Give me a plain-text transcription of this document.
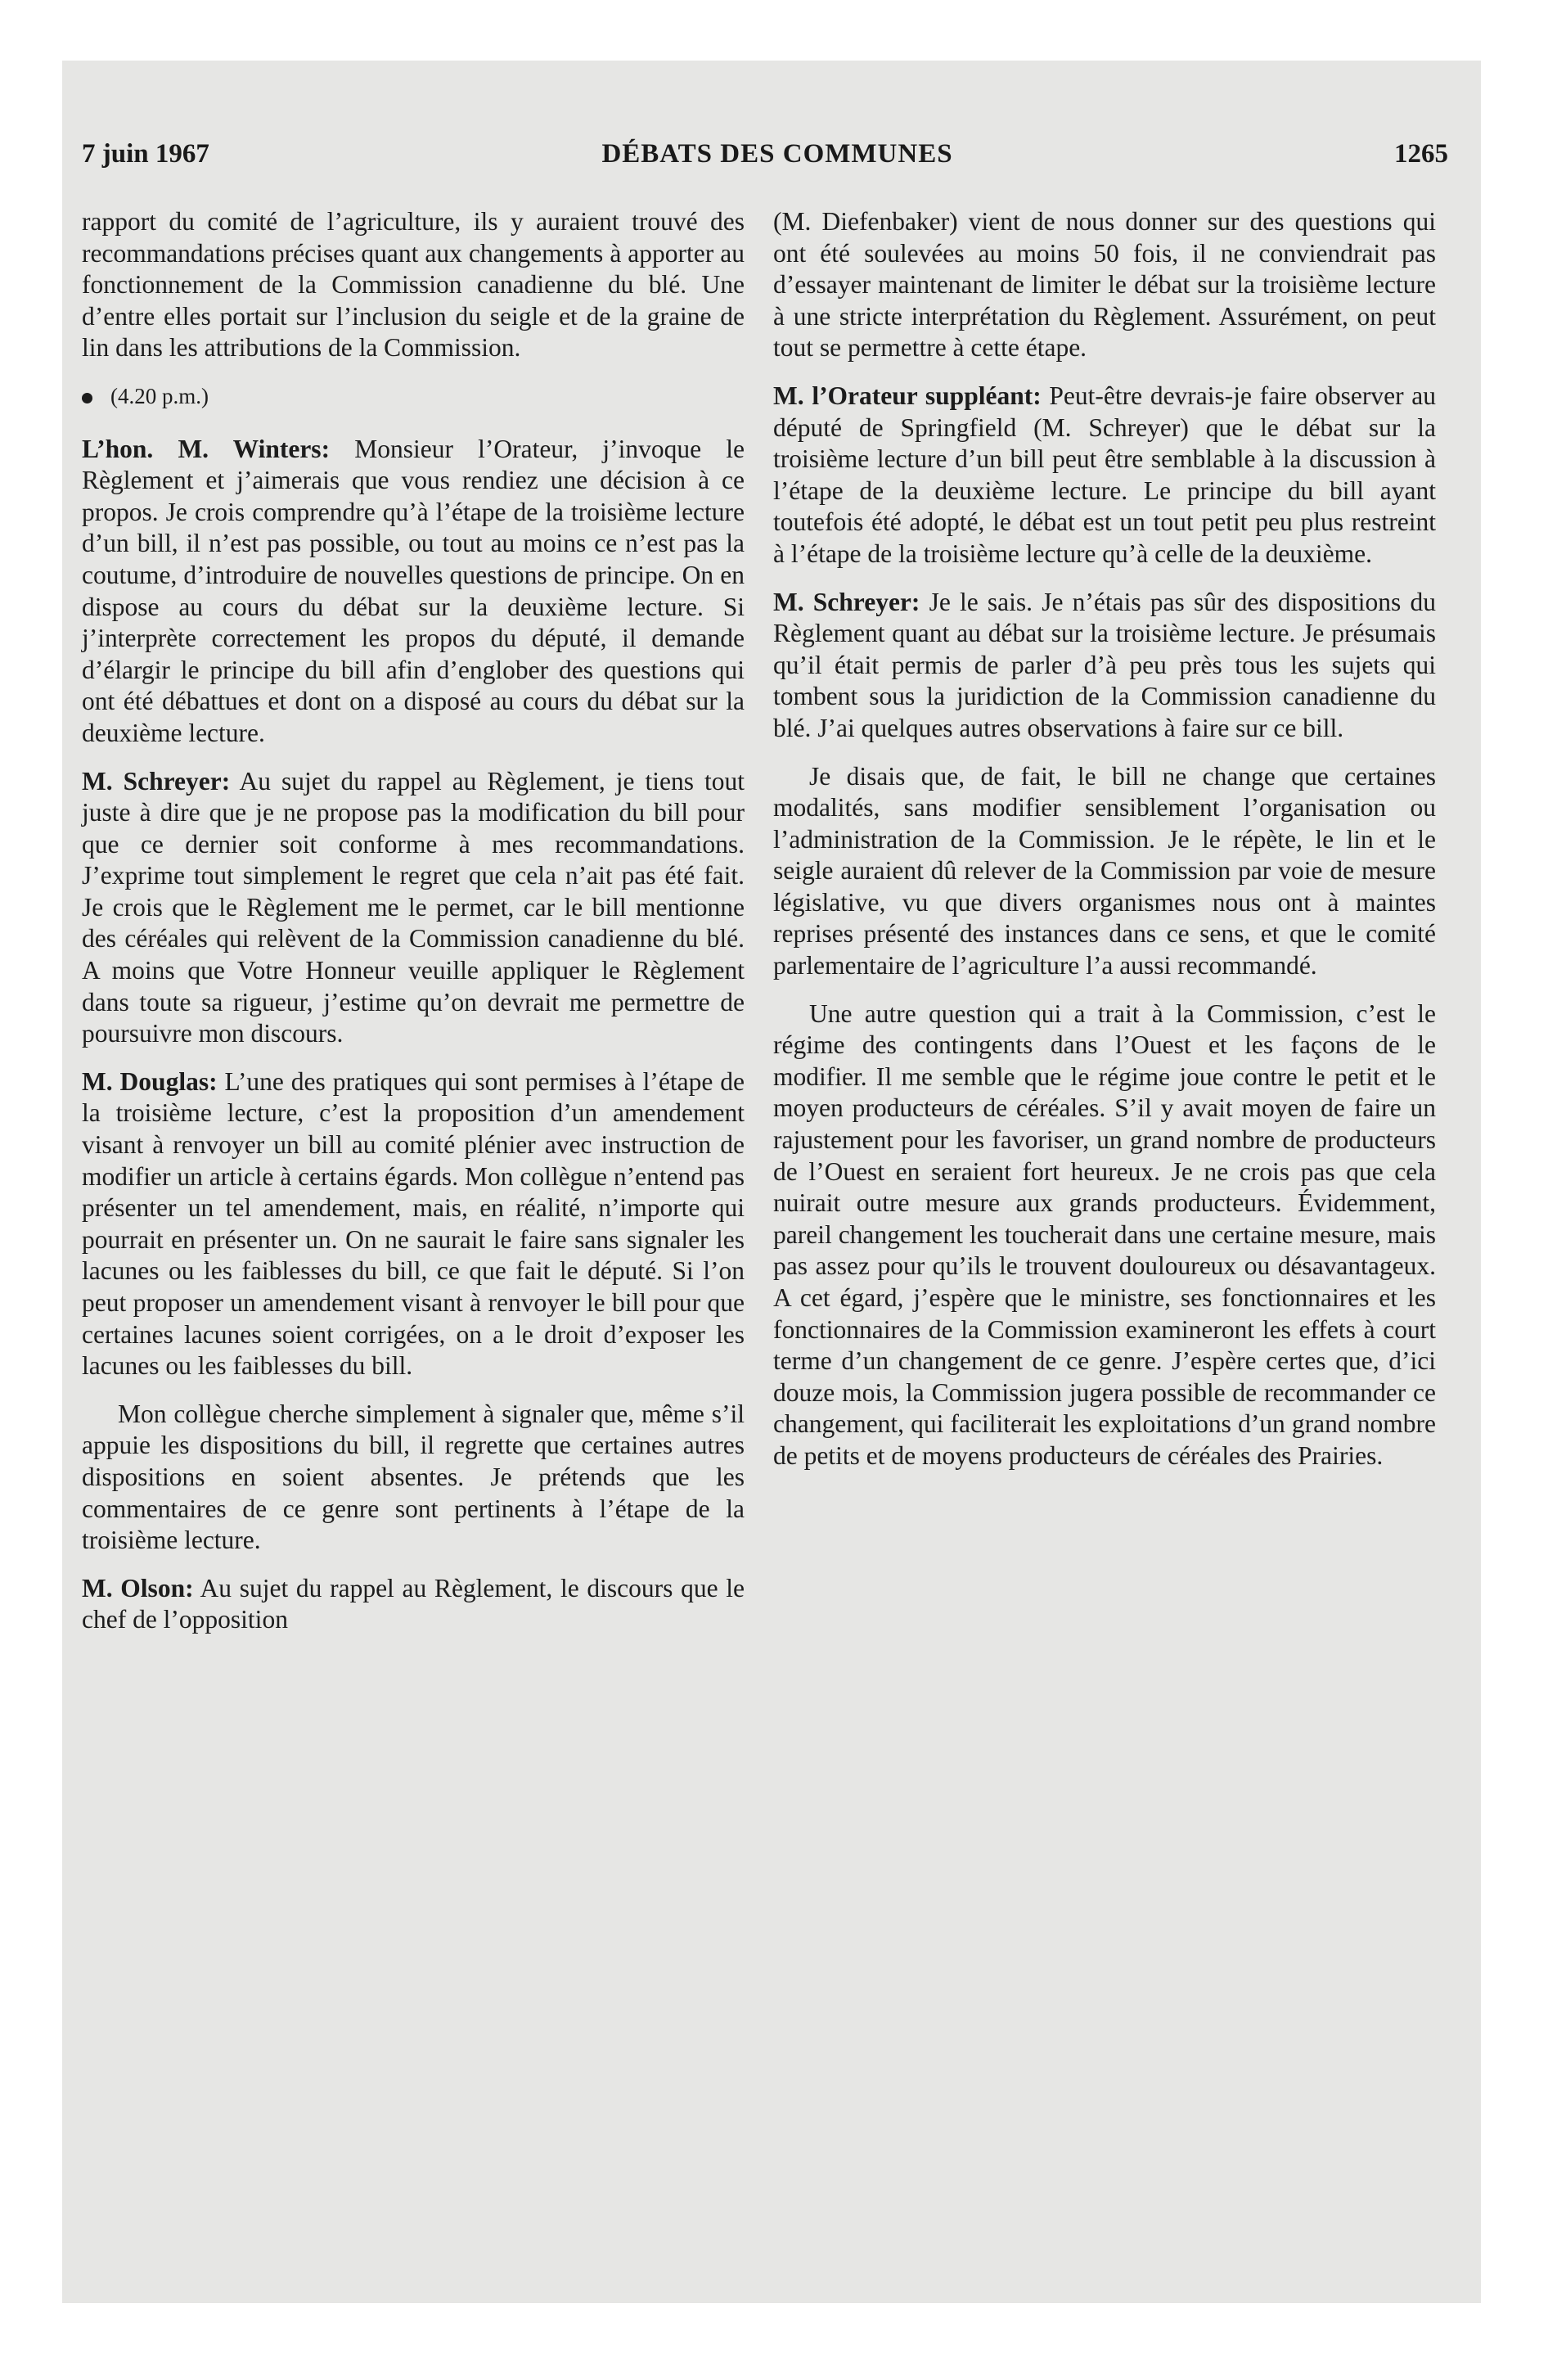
7 juin 1967	DÉBATS DES COMMUNES	1265

rapport du comité de l’agriculture, ils y auraient trouvé des recommandations précises quant aux changements à apporter au fonctionnement de la Commission canadienne du blé. Une d’entre elles portait sur l’inclusion du seigle et de la graine de lin dans les attributions de la Commission.

(4.20 p.m.)

L’hon. M. Winters: Monsieur l’Orateur, j’invoque le Règlement et j’aimerais que vous rendiez une décision à ce propos. Je crois comprendre qu’à l’étape de la troisième lecture d’un bill, il n’est pas possible, ou tout au moins ce n’est pas la coutume, d’introduire de nouvelles questions de principe. On en dispose au cours du débat sur la deuxième lecture. Si j’interprète correctement les propos du député, il demande d’élargir le principe du bill afin d’englober des questions qui ont été débattues et dont on a disposé au cours du débat sur la deuxième lecture.

M. Schreyer: Au sujet du rappel au Règlement, je tiens tout juste à dire que je ne propose pas la modification du bill pour que ce dernier soit conforme à mes recommandations. J’exprime tout simplement le regret que cela n’ait pas été fait. Je crois que le Règlement me le permet, car le bill mentionne des céréales qui relèvent de la Commission canadienne du blé. A moins que Votre Honneur veuille appliquer le Règlement dans toute sa rigueur, j’estime qu’on devrait me permettre de poursuivre mon discours.

M. Douglas: L’une des pratiques qui sont permises à l’étape de la troisième lecture, c’est la proposition d’un amendement visant à renvoyer un bill au comité plénier avec instruction de modifier un article à certains égards. Mon collègue n’entend pas présenter un tel amendement, mais, en réalité, n’importe qui pourrait en présenter un. On ne saurait le faire sans signaler les lacunes ou les faiblesses du bill, ce que fait le député. Si l’on peut proposer un amendement visant à renvoyer le bill pour que certaines lacunes soient corrigées, on a le droit d’exposer les lacunes ou les faiblesses du bill.

Mon collègue cherche simplement à signaler que, même s’il appuie les dispositions du bill, il regrette que certaines autres dispositions en soient absentes. Je prétends que les commentaires de ce genre sont pertinents à l’étape de la troisième lecture.

M. Olson: Au sujet du rappel au Règlement, le discours que le chef de l’opposition

(M. Diefenbaker) vient de nous donner sur des questions qui ont été soulevées au moins 50 fois, il ne conviendrait pas d’essayer maintenant de limiter le débat sur la troisième lecture à une stricte interprétation du Règlement. Assurément, on peut tout se permettre à cette étape.

M. l’Orateur suppléant: Peut-être devrais-je faire observer au député de Springfield (M. Schreyer) que le débat sur la troisième lecture d’un bill peut être semblable à la discussion à l’étape de la deuxième lecture. Le principe du bill ayant toutefois été adopté, le débat est un tout petit peu plus restreint à l’étape de la troisième lecture qu’à celle de la deuxième.

M. Schreyer: Je le sais. Je n’étais pas sûr des dispositions du Règlement quant au débat sur la troisième lecture. Je présumais qu’il était permis de parler d’à peu près tous les sujets qui tombent sous la juridiction de la Commission canadienne du blé. J’ai quelques autres observations à faire sur ce bill.

Je disais que, de fait, le bill ne change que certaines modalités, sans modifier sensiblement l’organisation ou l’administration de la Commission. Je le répète, le lin et le seigle auraient dû relever de la Commission par voie de mesure législative, vu que divers organismes nous ont à maintes reprises présenté des instances dans ce sens, et que le comité parlementaire de l’agriculture l’a aussi recommandé.

Une autre question qui a trait à la Commission, c’est le régime des contingents dans l’Ouest et les façons de le modifier. Il me semble que le régime joue contre le petit et le moyen producteurs de céréales. S’il y avait moyen de faire un rajustement pour les favoriser, un grand nombre de producteurs de l’Ouest en seraient fort heureux. Je ne crois pas que cela nuirait outre mesure aux grands producteurs. Évidemment, pareil changement les toucherait dans une certaine mesure, mais pas assez pour qu’ils le trouvent douloureux ou désavantageux. A cet égard, j’espère que le ministre, ses fonctionnaires et les fonctionnaires de la Commission examineront les effets à court terme d’un changement de ce genre. J’espère certes que, d’ici douze mois, la Commission jugera possible de recommander ce changement, qui faciliterait les exploitations d’un grand nombre de petits et de moyens producteurs de céréales des Prairies.
